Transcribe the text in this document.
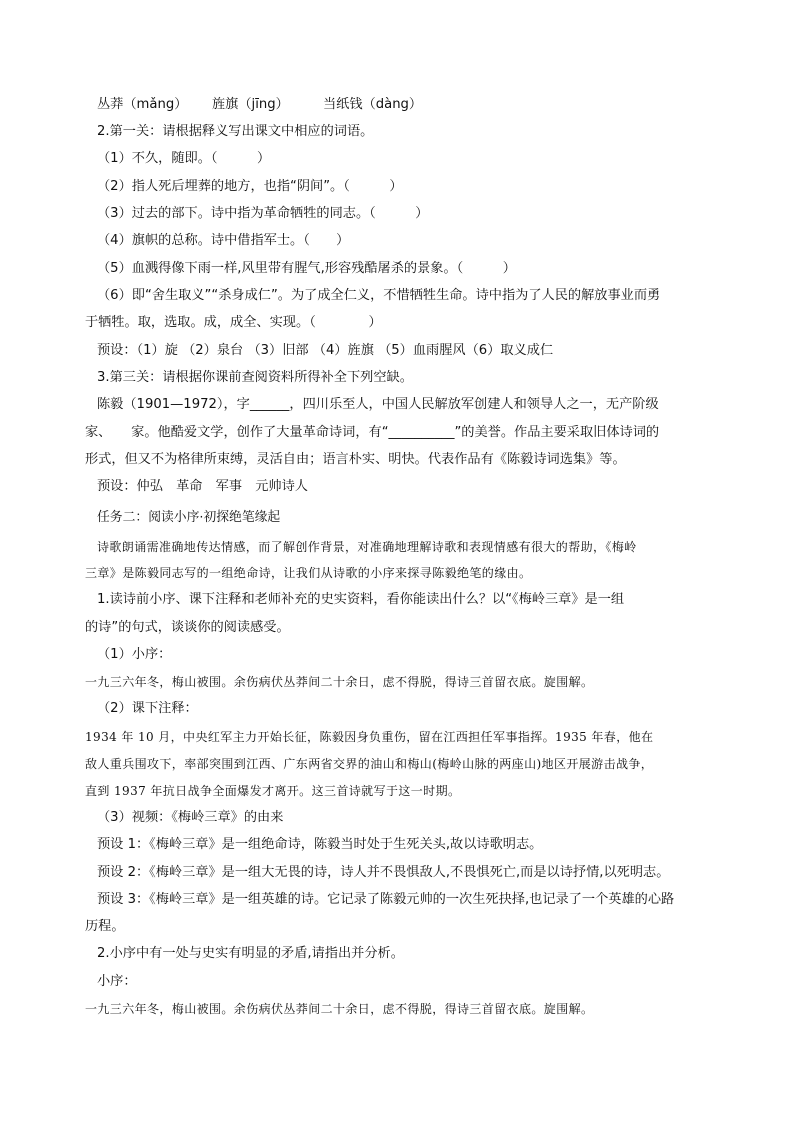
丛莽（mǎng） 旌旗（jīng）	当纸钱（dàng）
2.第一关：请根据释义写出课文中相应的词语。
（1）不久，随即。（　　　）
（2）指人死后埋葬的地方，也指“阴间”。（　　　）
（3）过去的部下。诗中指为革命牺牲的同志。（　　　）
（4）旗帜的总称。诗中借指军士。（　　）
（5）血溅得像下雨一样,风里带有腥气,形容残酷屠杀的景象。（　　　）
（6）即“舍生取义”“杀身成仁”。为了成全仁义，不惜牺牲生命。诗中指为了人民的解放事业而勇
于牺牲。取，选取。成，成全、实现。（　　　　）
预设：（1）旋 （2）泉台 （3）旧部 （4）旌旗 （5）血雨腥风（6）取义成仁
3.第三关：请根据你课前查阅资料所得补全下列空缺。
陈毅（1901—1972），字______，四川乐至人，中国人民解放军创建人和领导人之一，无产阶级
家、　　家。他酷爱文学，创作了大量革命诗词，有“__________”的美誉。作品主要采取旧体诗词的
形式，但又不为格律所束缚，灵活自由；语言朴实、明快。代表作品有《陈毅诗词选集》等。
预设：仲弘　革命　军事　元帅诗人
任务二：阅读小序·初探绝笔缘起
诗歌朗诵需准确地传达情感，而了解创作背景，对准确地理解诗歌和表现情感有很大的帮助，《梅岭
三章》是陈毅同志写的一组绝命诗，让我们从诗歌的小序来探寻陈毅绝笔的缘由。
1.读诗前小序、课下注释和老师补充的史实资料，看你能读出什么？以“《梅岭三章》是一组
的诗”的句式，谈谈你的阅读感受。
（1）小序：
一九三六年冬，梅山被围。余伤病伏丛莽间二十余日，虑不得脱，得诗三首留衣底。旋围解。
（2）课下注释：
1934 年 10 月，中央红军主力开始长征，陈毅因身负重伤，留在江西担任军事指挥。1935 年春，他在
敌人重兵围攻下，率部突围到江西、广东两省交界的油山和梅山(梅岭山脉的两座山)地区开展游击战争，
直到 1937 年抗日战争全面爆发才离开。这三首诗就写于这一时期。
（3）视频：《梅岭三章》的由来
预设 1：《梅岭三章》是一组绝命诗，陈毅当时处于生死关头,故以诗歌明志。
预设 2：《梅岭三章》是一组大无畏的诗，诗人并不畏惧敌人,不畏惧死亡,而是以诗抒情,以死明志。
预设 3：《梅岭三章》是一组英雄的诗。它记录了陈毅元帅的一次生死抉择,也记录了一个英雄的心路
历程。
2.小序中有一处与史实有明显的矛盾,请指出并分析。
小序：
一九三六年冬，梅山被围。余伤病伏丛莽间二十余日，虑不得脱，得诗三首留衣底。旋围解。
